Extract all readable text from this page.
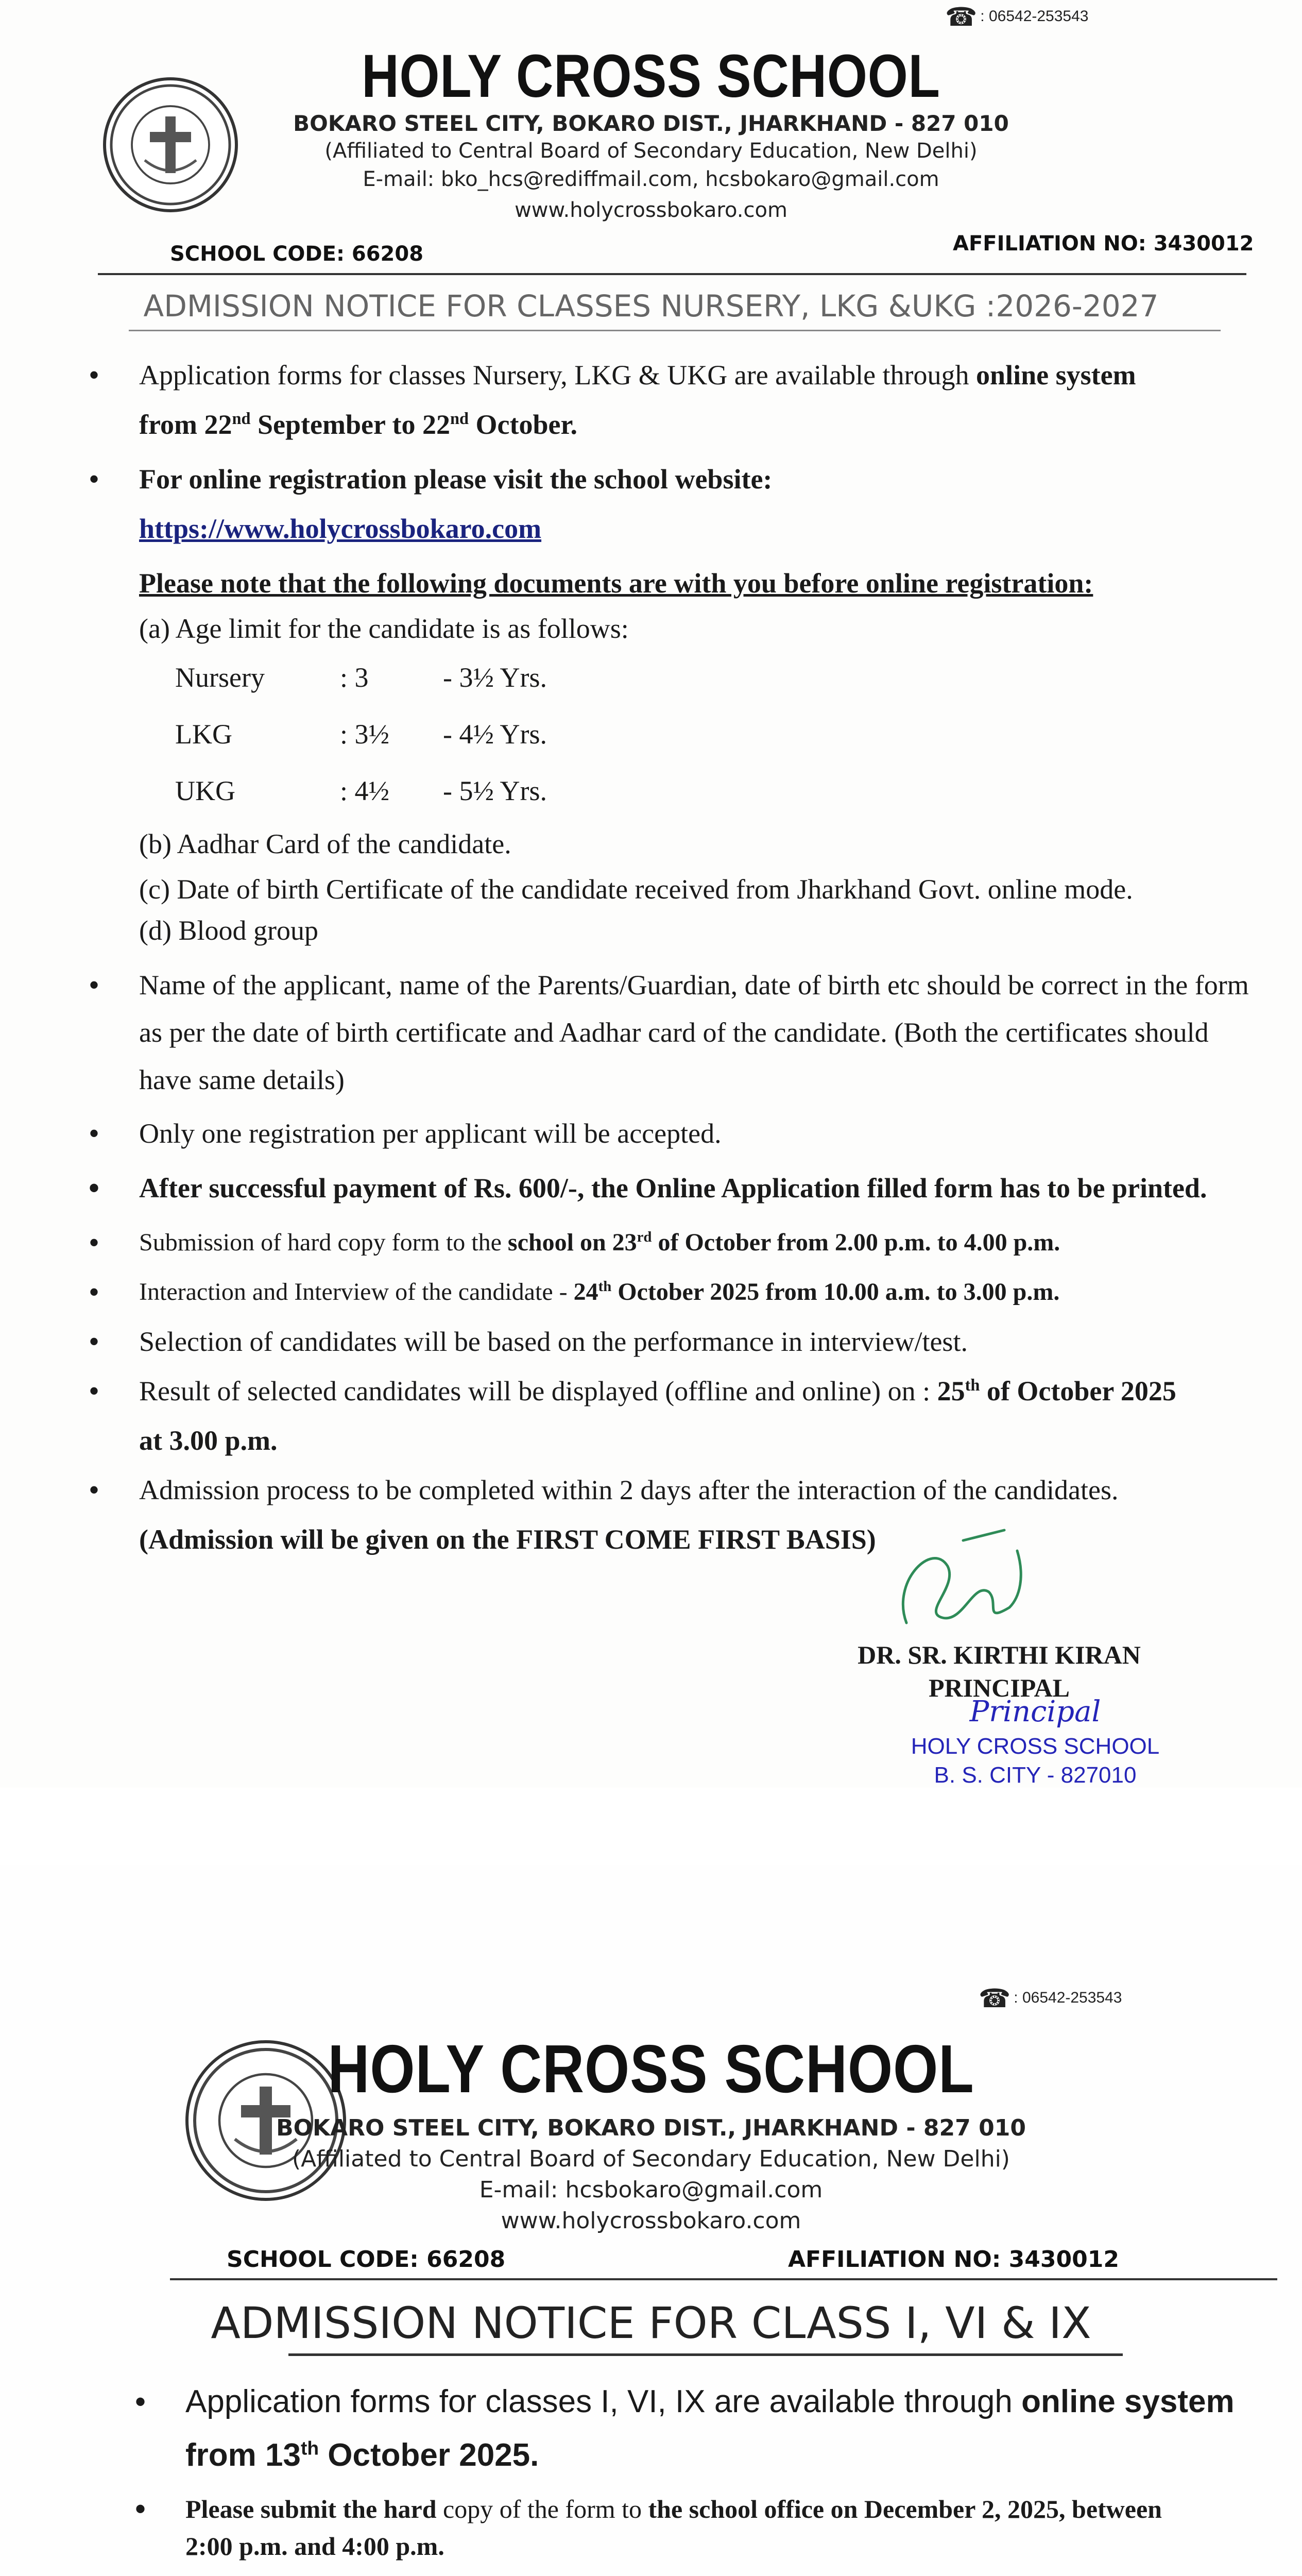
☎ : 06542-253543
HOLY CROSS SCHOOL
BOKARO STEEL CITY, BOKARO DIST., JHARKHAND - 827 010
(Affiliated to Central Board of Secondary Education, New Delhi)
E-mail: bko_hcs@rediffmail.com, hcsbokaro@gmail.com
www.holycrossbokaro.com
SCHOOL CODE: 66208	AFFILIATION NO: 3430012
ADMISSION NOTICE FOR CLASSES NURSERY, LKG &UKG :2026-2027
• Application forms for classes Nursery, LKG & UKG are available through online system
from 22nd September to 22nd October.
• For online registration please visit the school website:
https://www.holycrossbokaro.com
Please note that the following documents are with you before online registration:
(a) Age limit for the candidate is as follows:
Nursery	: 3	- 3½ Yrs.
LKG	: 3½ - 4½ Yrs.
UKG	: 4½ - 5½ Yrs.
(b) Aadhar Card of the candidate.
(c) Date of birth Certificate of the candidate received from Jharkhand Govt. online mode.
(d) Blood group
• Name of the applicant, name of the Parents/Guardian, date of birth etc should be correct in the form as per the date of birth certificate and Aadhar card of the candidate. (Both the certificates should have same details)
• Only one registration per applicant will be accepted.
• After successful payment of Rs. 600/-, the Online Application filled form has to be printed.
• Submission of hard copy form to the school on 23rd of October from 2.00 p.m. to 4.00 p.m.
• Interaction and Interview of the candidate - 24th October 2025 from 10.00 a.m. to 3.00 p.m.
• Selection of candidates will be based on the performance in interview/test.
• Result of selected candidates will be displayed (offline and online) on : 25th of October 2025
at 3.00 p.m.
• Admission process to be completed within 2 days after the interaction of the candidates.
(Admission will be given on the FIRST COME FIRST BASIS)
DR. SR. KIRTHI KIRAN
PRINCIPAL
Principal
HOLY CROSS SCHOOL
B. S. CITY - 827010
☎ : 06542-253543
HOLY CROSS SCHOOL
BOKARO STEEL CITY, BOKARO DIST., JHARKHAND - 827 010
(Affiliated to Central Board of Secondary Education, New Delhi)
E-mail: hcsbokaro@gmail.com
www.holycrossbokaro.com
SCHOOL CODE: 66208	AFFILIATION NO: 3430012
ADMISSION NOTICE FOR CLASS I, VI & IX
• Application forms for classes I, VI, IX are available through online system
from 13th October 2025.
• Please submit the hard copy of the form to the school office on December 2, 2025, between
2:00 p.m. and 4:00 p.m.
•
